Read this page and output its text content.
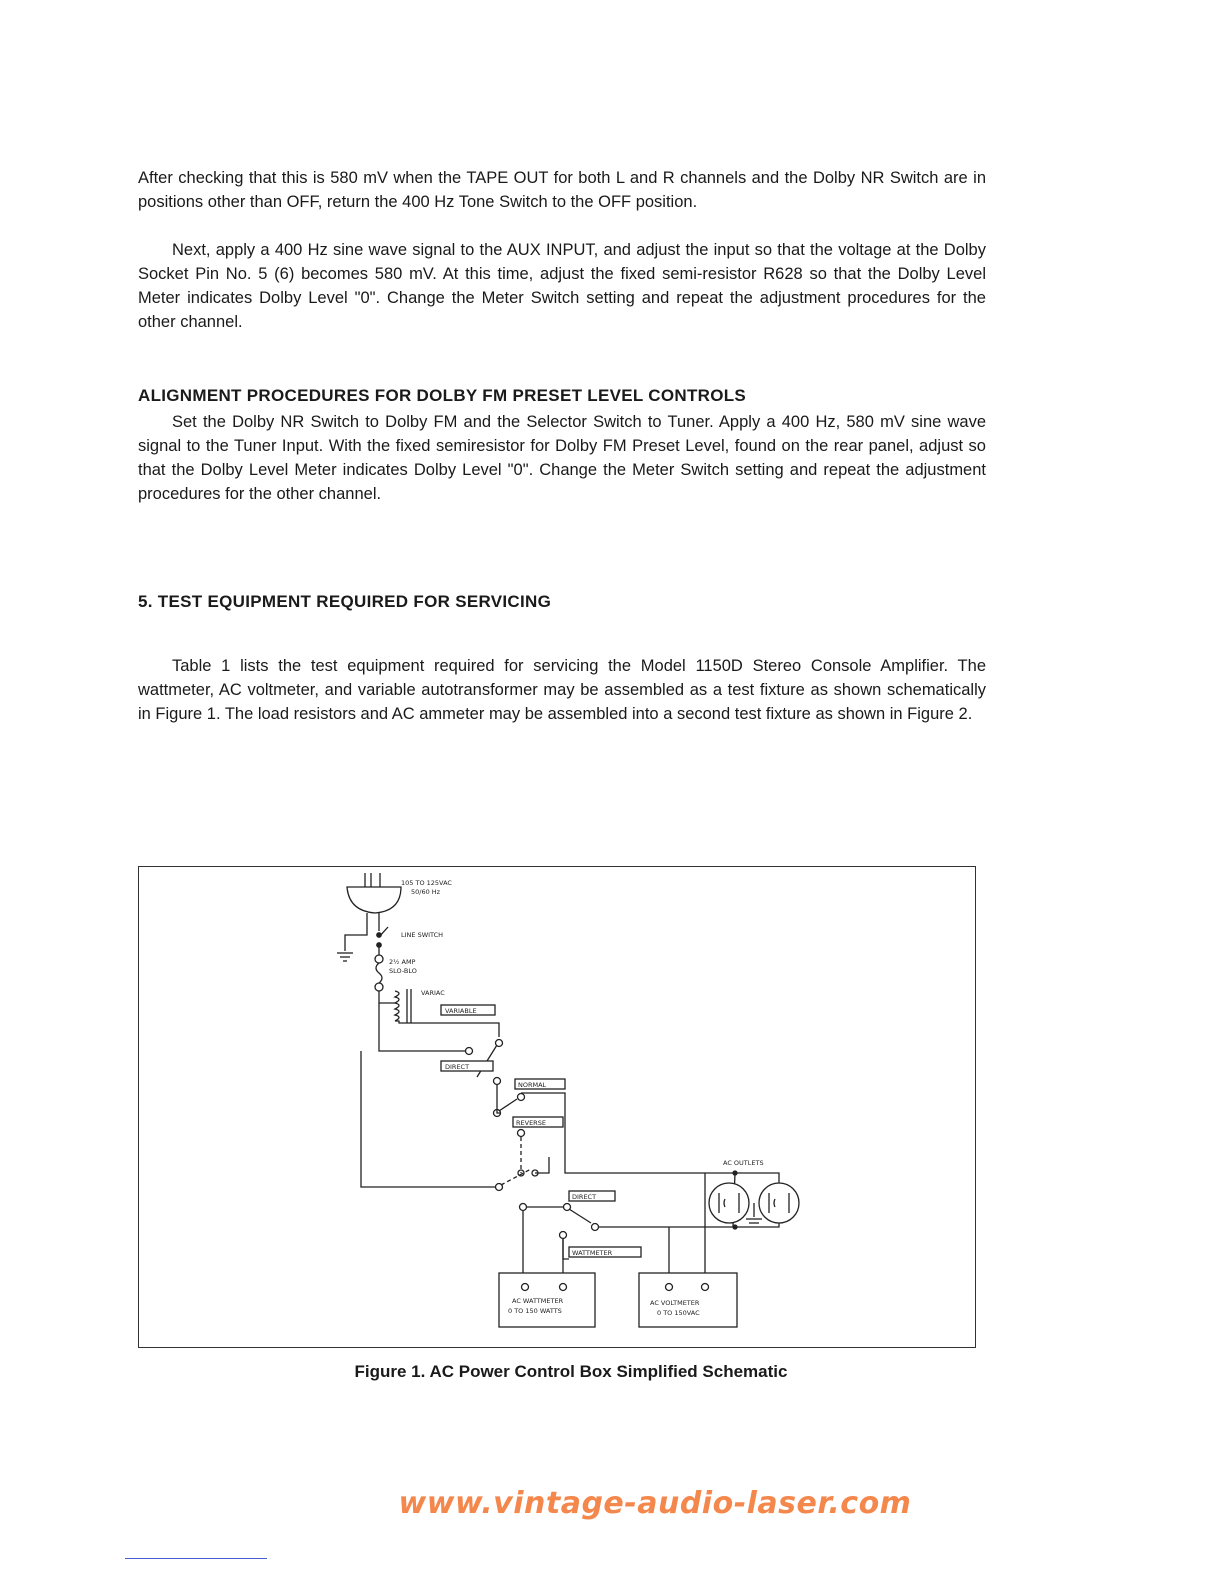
After checking that this is 580 mV when the TAPE OUT for both L and R channels and the Dolby NR Switch are in positions other than OFF, return the 400 Hz Tone Switch to the OFF position.

Next, apply a 400 Hz sine wave signal to the AUX INPUT, and adjust the input so that the voltage at the Dolby Socket Pin No. 5 (6) becomes 580 mV. At this time, adjust the fixed semi-resistor R628 so that the Dolby Level Meter indicates Dolby Level "0". Change the Meter Switch setting and repeat the adjustment procedures for the other channel.

ALIGNMENT PROCEDURES FOR DOLBY FM PRESET LEVEL CONTROLS

Set the Dolby NR Switch to Dolby FM and the Selector Switch to Tuner. Apply a 400 Hz, 580 mV sine wave signal to the Tuner Input. With the fixed semiresistor for Dolby FM Preset Level, found on the rear panel, adjust so that the Dolby Level Meter indicates Dolby Level "0". Change the Meter Switch setting and repeat the adjustment procedures for the other channel.

5. TEST EQUIPMENT REQUIRED FOR SERVICING

Table 1 lists the test equipment required for servicing the Model 1150D Stereo Console Amplifier. The wattmeter, AC voltmeter, and variable autotransformer may be assembled as a test fixture as shown schematically in Figure 1. The load resistors and AC ammeter may be assembled into a second test fixture as shown in Figure 2.

105 TO 125VAC
50/60 Hz
LINE SWITCH
2½ AMP
SLO-BLO
VARIAC
VARIABLE
DIRECT
NORMAL
REVERSE
DIRECT
WATTMETER
AC WATTMETER
0 TO 150 WATTS
AC VOLTMETER
0 TO 150VAC
AC OUTLETS

Figure 1. AC Power Control Box Simplified Schematic

www.vintage-audio-laser.com
